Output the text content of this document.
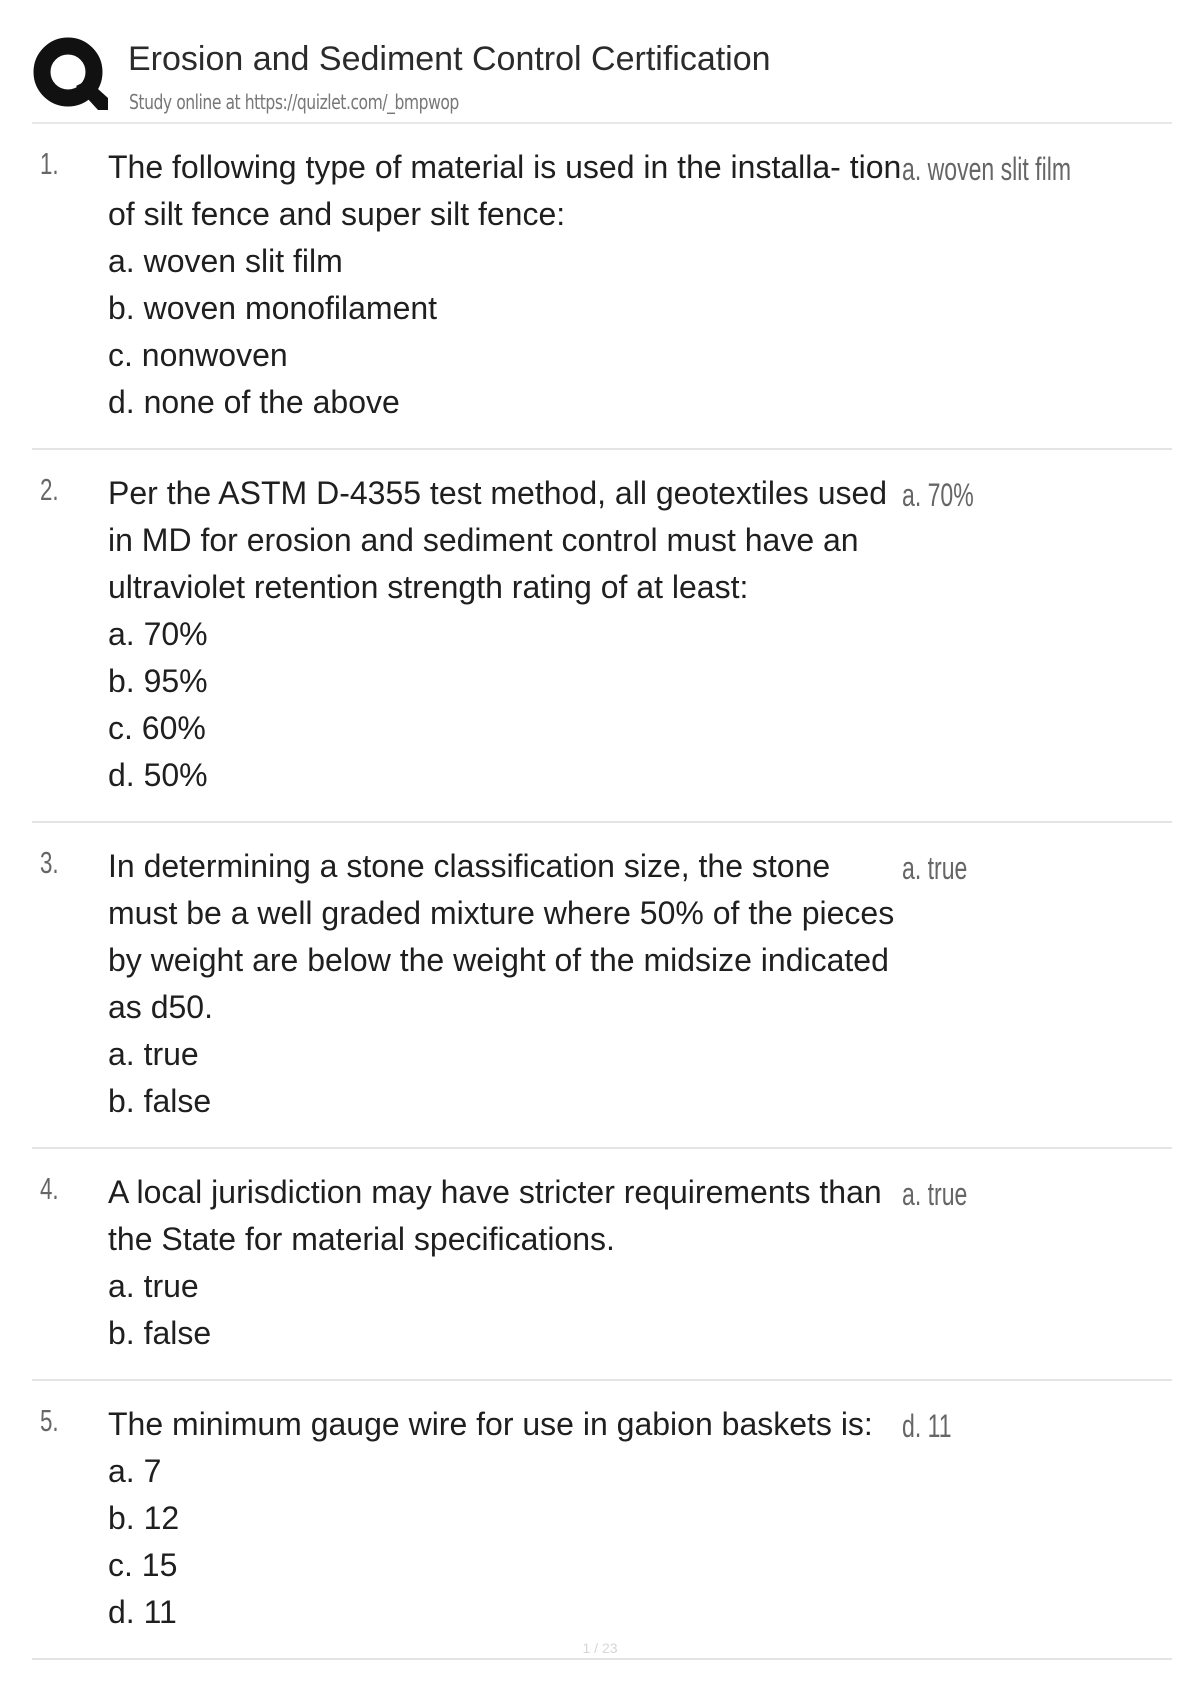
Erosion and Sediment Control Certification
Study online at https://quizlet.com/_bmpwop
1. The following type of material is used in the installa- tion of silt fence and super silt fence:
a. woven slit film
b. woven monofilament
c. nonwoven
d. none of the above
a. woven slit film
2. Per the ASTM D-4355 test method, all geotextiles used in MD for erosion and sediment control must have an ultraviolet retention strength rating of at least:
a. 70%
b. 95%
c. 60%
d. 50%
a. 70%
3. In determining a stone classification size, the stone must be a well graded mixture where 50% of the pieces by weight are below the weight of the midsize indicated as d50.
a. true
b. false
a. true
4. A local jurisdiction may have stricter requirements than the State for material specifications.
a. true
b. false
a. true
5. The minimum gauge wire for use in gabion baskets is:
a. 7
b. 12
c. 15
d. 11
d. 11
1 / 23
